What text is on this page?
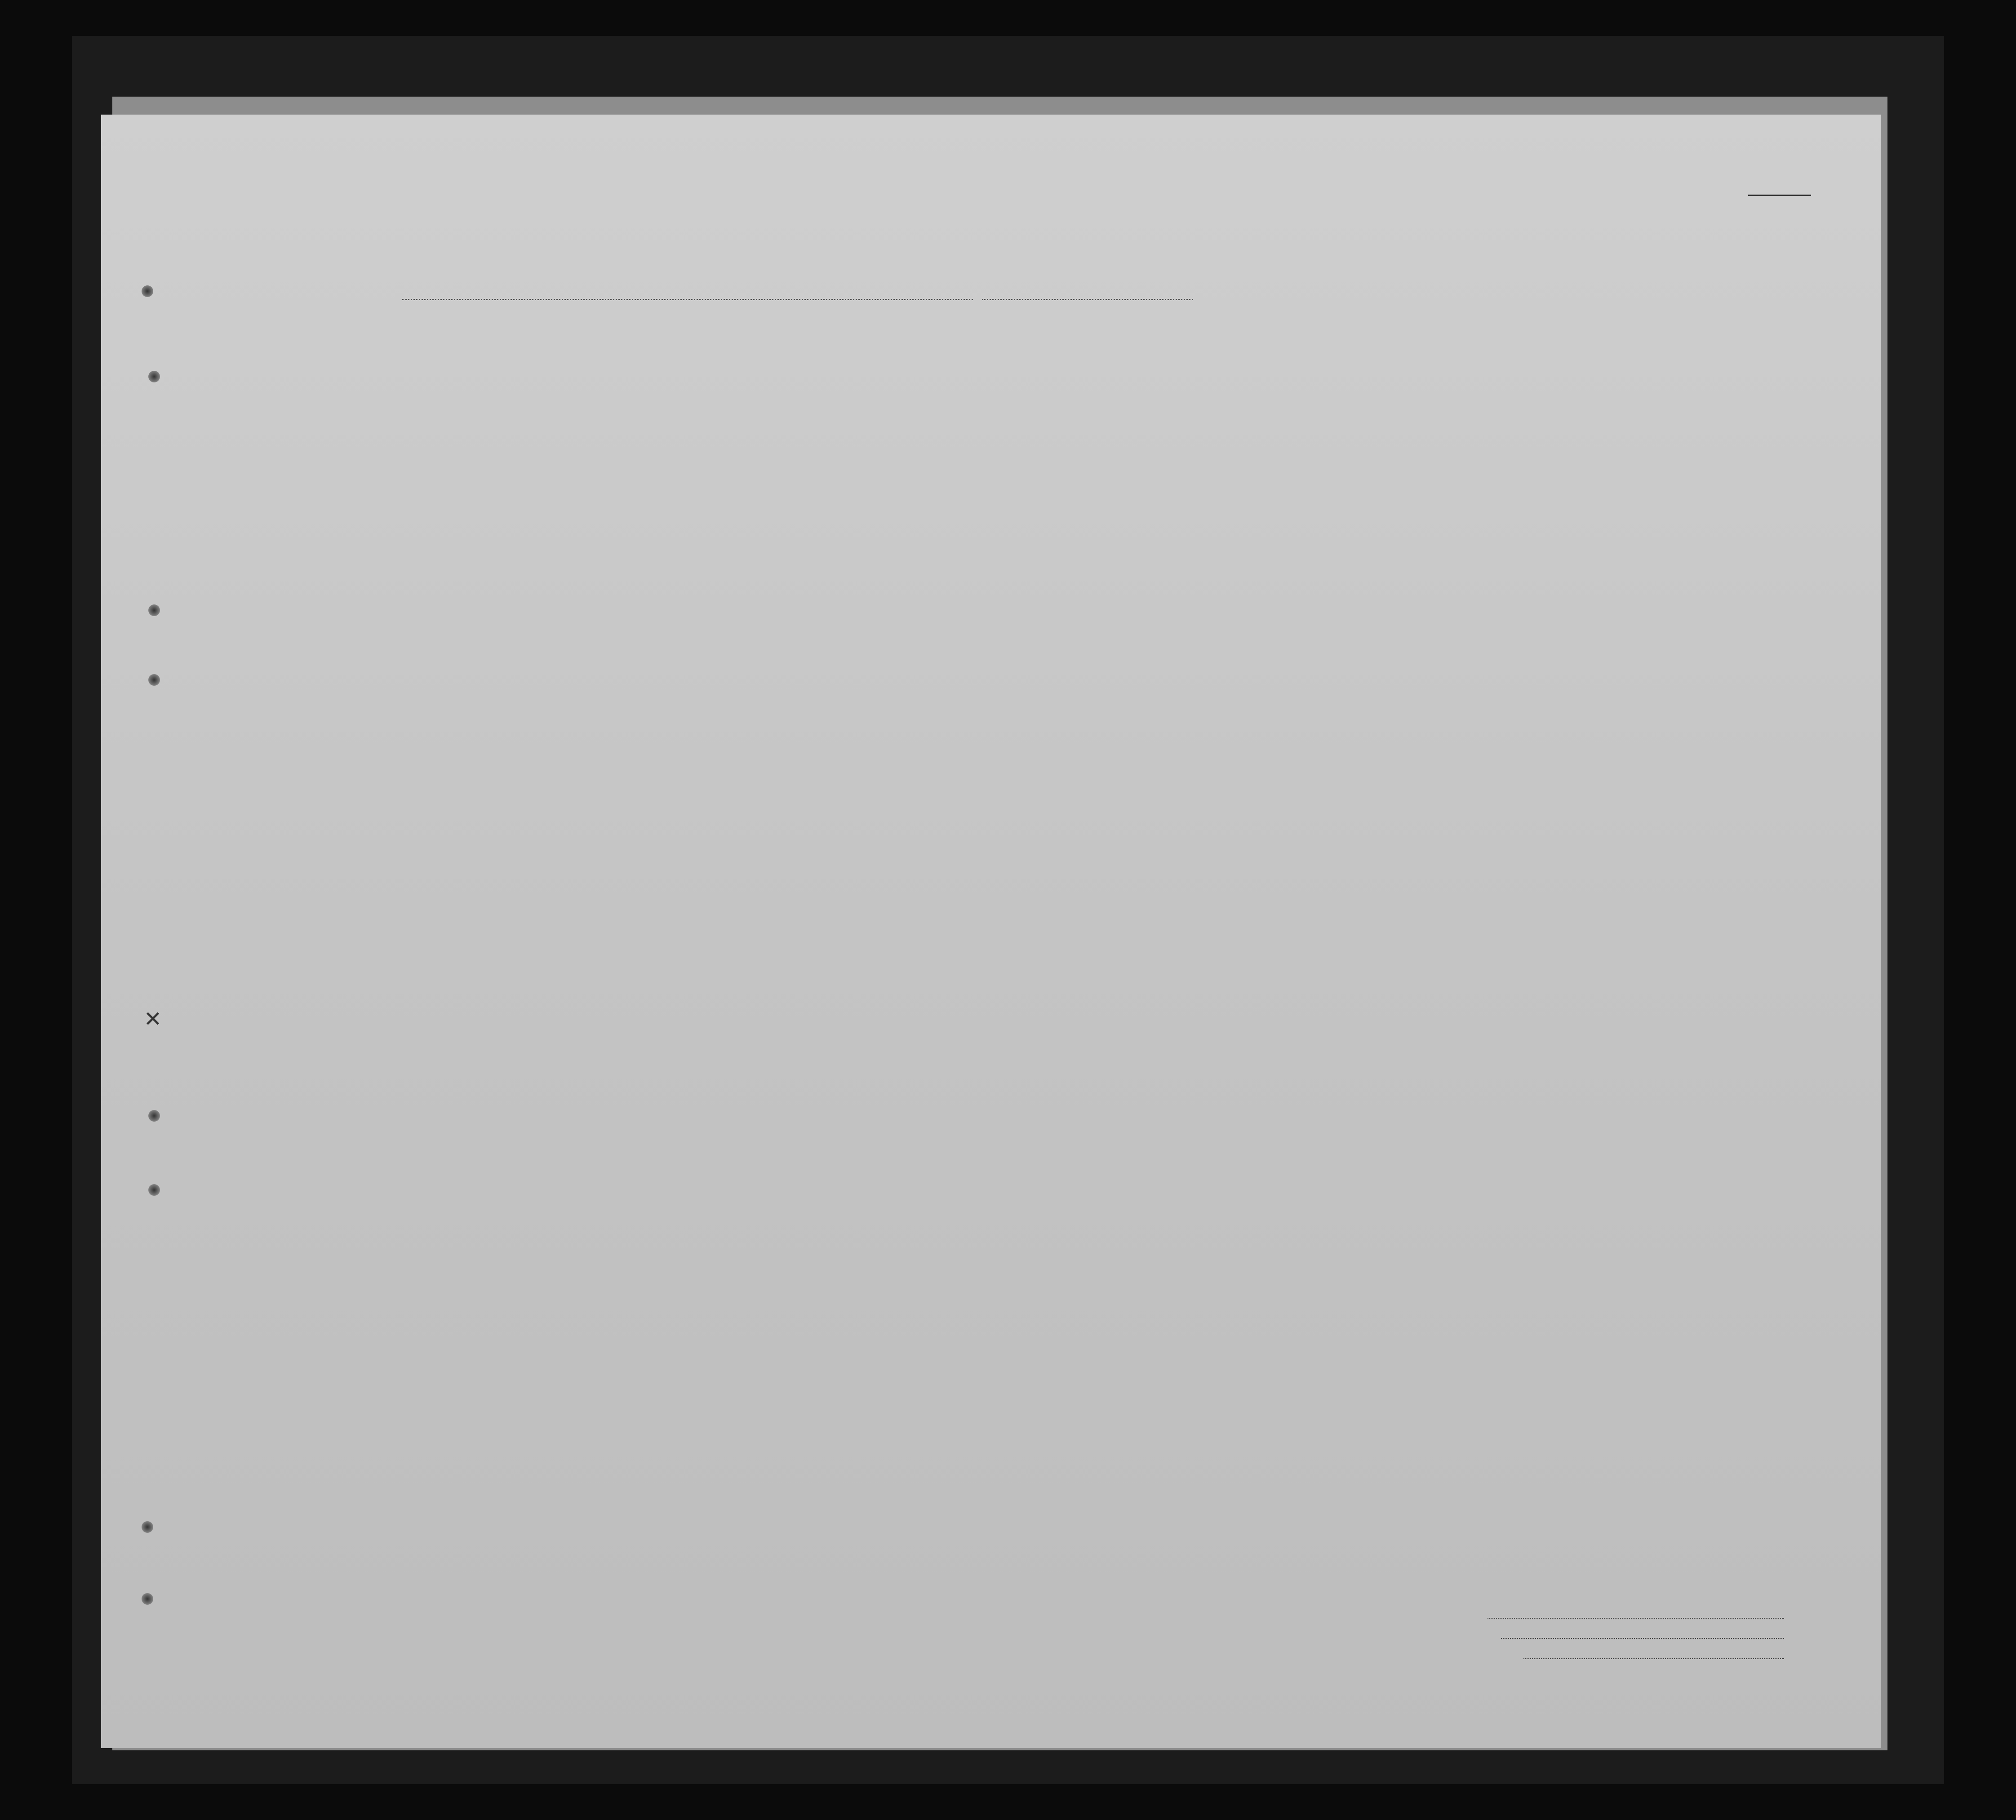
✕
